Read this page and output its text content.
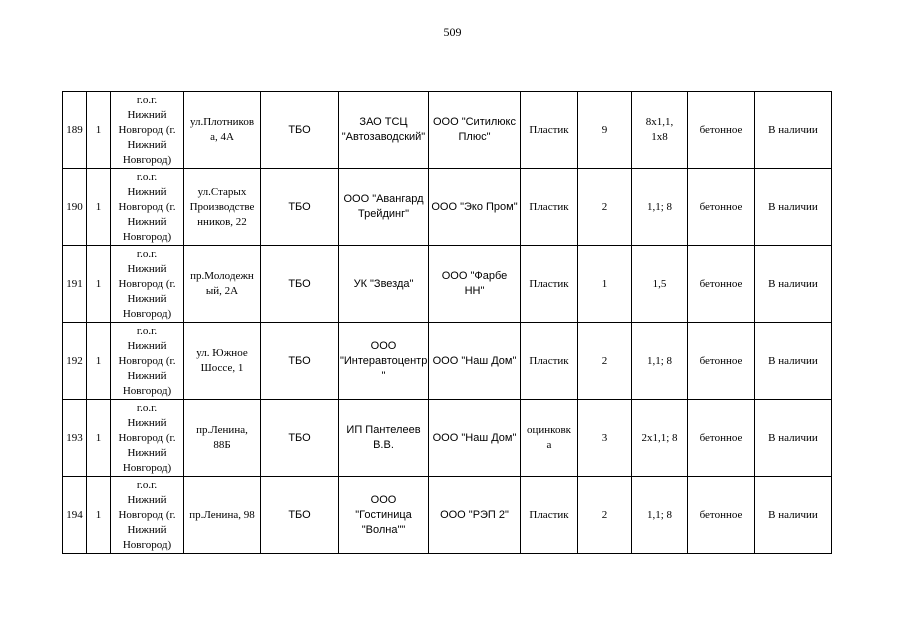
509
189	1	г.о.г.
Нижний
Новгород (г.
Нижний
Новгород)	ул.Плотников
а, 4А	ТБО	ЗАО ТСЦ
"Автозаводский"	ООО "Ситилюкс
Плюс"	Пластик	9	8х1,1,
1х8	бетонное	В наличии
190	1	г.о.г.
Нижний
Новгород (г.
Нижний
Новгород)	ул.Старых
Производстве
нников, 22	ТБО	ООО "Авангард
Трейдинг"	ООО "Эко Пром"	Пластик	2	1,1; 8	бетонное	В наличии
191	1	г.о.г.
Нижний
Новгород (г.
Нижний
Новгород)	пр.Молодежн
ый, 2А	ТБО	УК "Звезда"	ООО "Фарбе
НН"	Пластик	1	1,5	бетонное	В наличии
192	1	г.о.г.
Нижний
Новгород (г.
Нижний
Новгород)	ул. Южное
Шоссе, 1	ТБО	ООО
"Интеравтоцентр
"	ООО "Наш Дом"	Пластик	2	1,1; 8	бетонное	В наличии
193	1	г.о.г.
Нижний
Новгород (г.
Нижний
Новгород)	пр.Ленина,
88Б	ТБО	ИП Пантелеев
В.В.	ООО "Наш Дом"	оцинковк
а	3	2х1,1; 8	бетонное	В наличии
194	1	г.о.г.
Нижний
Новгород (г.
Нижний
Новгород)	пр.Ленина, 98	ТБО	ООО
"Гостиница
"Волна""	ООО "РЭП 2"	Пластик	2	1,1; 8	бетонное	В наличии
